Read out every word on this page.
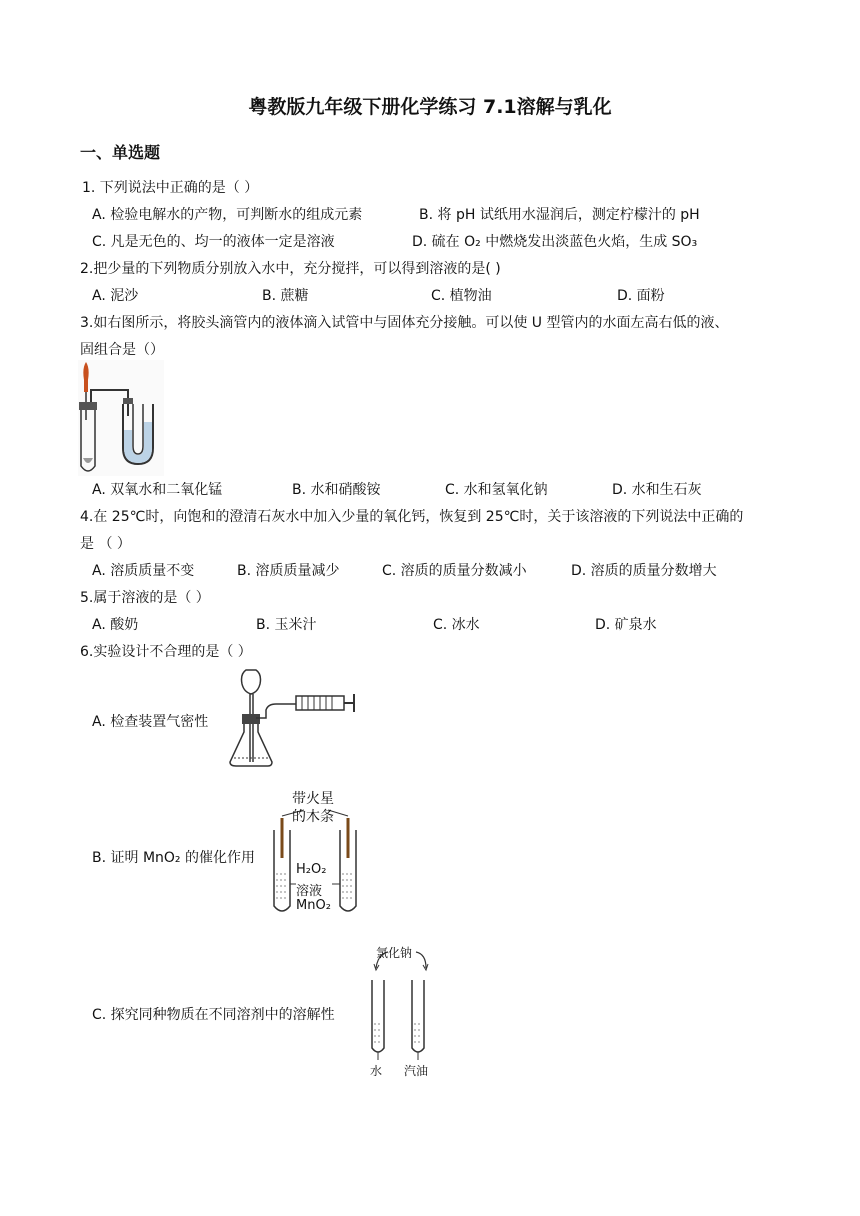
粤教版九年级下册化学练习 7.1溶解与乳化
一、单选题
1. 下列说法中正确的是（ ）
A. 检验电解水的产物，可判断水的组成元素	B. 将 pH 试纸用水湿润后，测定柠檬汁的 pH
C. 凡是无色的、均一的液体一定是溶液	D. 硫在 O₂ 中燃烧发出淡蓝色火焰，生成 SO₃
2.把少量的下列物质分别放入水中，充分搅拌，可以得到溶液的是( )
A. 泥沙	B. 蔗糖	C. 植物油	D. 面粉
3.如右图所示，将胶头滴管内的液体滴入试管中与固体充分接触。可以使 U 型管内的水面左高右低的液、
固组合是（）
A. 双氧水和二氧化锰	B. 水和硝酸铵	C. 水和氢氧化钠	D. 水和生石灰
4.在 25℃时，向饱和的澄清石灰水中加入少量的氧化钙，恢复到 25℃时，关于该溶液的下列说法中正确的
是 （ ）
A. 溶质质量不变	B. 溶质质量减少	C. 溶质的质量分数减小	D. 溶质的质量分数增大
5.属于溶液的是（ ）
A. 酸奶	B. 玉米汁	C. 冰水	D. 矿泉水
6.实验设计不合理的是（ ）
A. 检查装置气密性
B. 证明 MnO₂ 的催化作用
带火星
的木条
H₂O₂
溶液
MnO₂
C. 探究同种物质在不同溶剂中的溶解性
氯化钠
水 汽油
